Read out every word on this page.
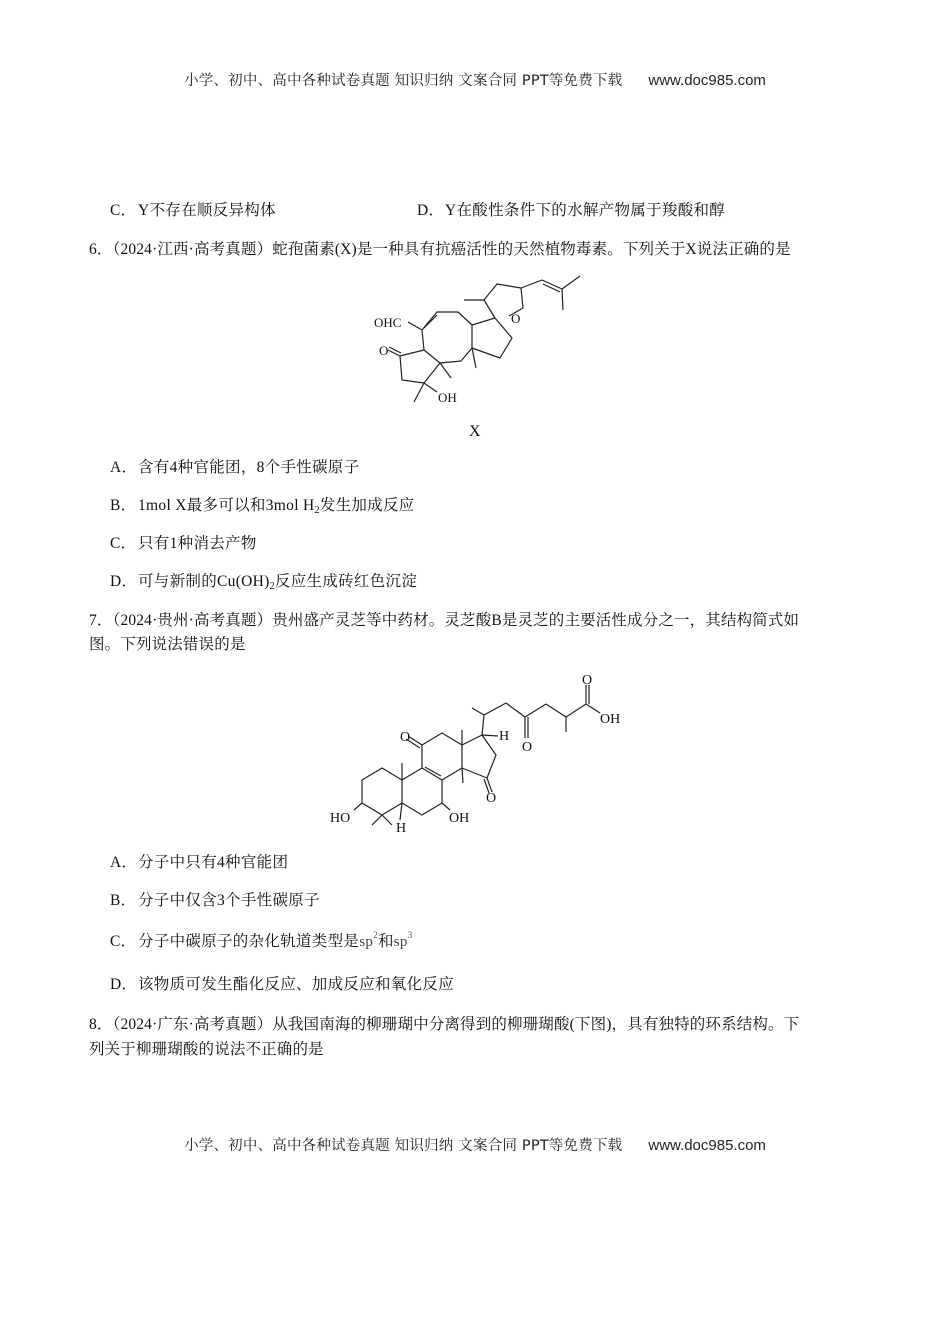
小学、初中、高中各种试卷真题 知识归纳 文案合同 PPT等免费下载 www.doc985.com
C．Y不存在顺反异构体	D．Y在酸性条件下的水解产物属于羧酸和醇
6．（2024·江西·高考真题）蛇孢菌素(X)是一种具有抗癌活性的天然植物毒素。下列关于X说法正确的是
OHC
O
OH
O
X
A．含有4种官能团，8个手性碳原子
B．1mol X最多可以和3mol $H_2$发生加成反应
C．只有1种消去产物
D．可与新制的$Cu(OH)_2$反应生成砖红色沉淀
7．（2024·贵州·高考真题）贵州盛产灵芝等中药材。灵芝酸B是灵芝的主要活性成分之一，其结构简式如
图。下列说法错误的是
O	H
O
O
OH
O
HO
H
OH
A．分子中只有4种官能团
B．分子中仅含3个手性碳原子
C．分子中碳原子的杂化轨道类型是$sp^2$和$sp^3$
D．该物质可发生酯化反应、加成反应和氧化反应
8．（2024·广东·高考真题）从我国南海的柳珊瑚中分离得到的柳珊瑚酸(下图)，具有独特的环系结构。下
列关于柳珊瑚酸的说法不正确的是
小学、初中、高中各种试卷真题 知识归纳 文案合同 PPT等免费下载 www.doc985.com
